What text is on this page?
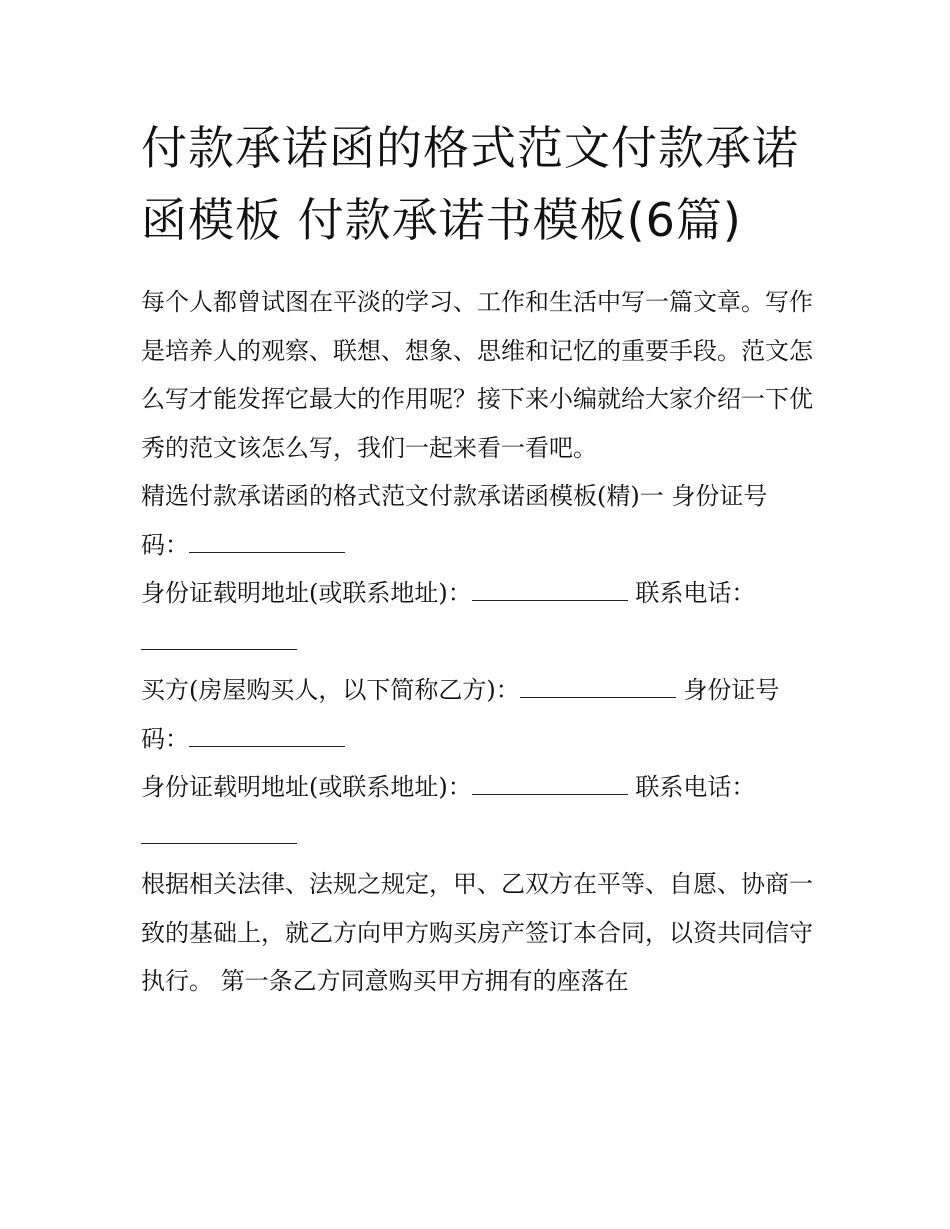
付款承诺函的格式范文付款承诺函模板 付款承诺书模板(6篇)

每个人都曾试图在平淡的学习、工作和生活中写一篇文章。写作是培养人的观察、联想、想象、思维和记忆的重要手段。范文怎么写才能发挥它最大的作用呢？接下来小编就给大家介绍一下优秀的范文该怎么写，我们一起来看一看吧。

精选付款承诺函的格式范文付款承诺函模板(精)一 身份证号码：

身份证载明地址(或联系地址)：	联系电话：

买方(房屋购买人，以下简称乙方)：	身份证号码：

身份证载明地址(或联系地址)：	联系电话：

根据相关法律、法规之规定，甲、乙双方在平等、自愿、协商一致的基础上，就乙方向甲方购买房产签订本合同，以资共同信守执行。 第一条乙方同意购买甲方拥有的座落在
